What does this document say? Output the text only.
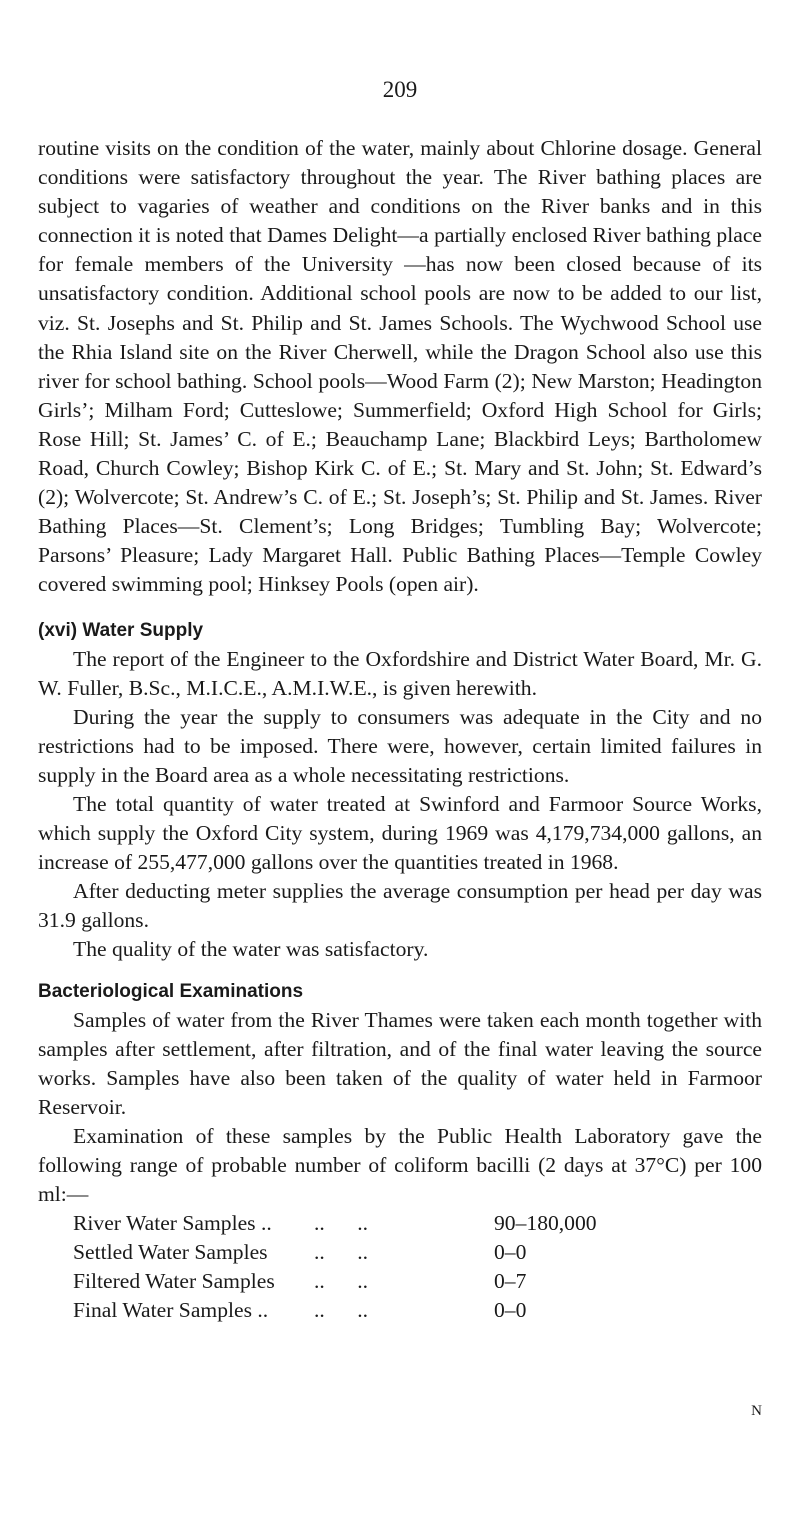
209

routine visits on the condition of the water, mainly about Chlorine dosage. General conditions were satisfactory throughout the year. The River bathing places are subject to vagaries of weather and conditions on the River banks and in this connection it is noted that Dames Delight—a partially enclosed River bathing place for female members of the University —has now been closed because of its unsatisfactory condition. Additional school pools are now to be added to our list, viz. St. Josephs and St. Philip and St. James Schools. The Wychwood School use the Rhia Island site on the River Cherwell, while the Dragon School also use this river for school bathing. School pools—Wood Farm (2); New Marston; Headington Girls’; Milham Ford; Cutteslowe; Summerfield; Oxford High School for Girls; Rose Hill; St. James’ C. of E.; Beauchamp Lane; Blackbird Leys; Bartholomew Road, Church Cowley; Bishop Kirk C. of E.; St. Mary and St. John; St. Edward’s (2); Wolvercote; St. Andrew’s C. of E.; St. Joseph’s; St. Philip and St. James. River Bathing Places—St. Clement’s; Long Bridges; Tumbling Bay; Wolvercote; Parsons’ Pleasure; Lady Margaret Hall. Public Bathing Places—Temple Cowley covered swimming pool; Hinksey Pools (open air).

(xvi) Water Supply

The report of the Engineer to the Oxfordshire and District Water Board, Mr. G. W. Fuller, B.Sc., M.I.C.E., A.M.I.W.E., is given herewith.

During the year the supply to consumers was adequate in the City and no restrictions had to be imposed. There were, however, certain limited failures in supply in the Board area as a whole necessitating restrictions.

The total quantity of water treated at Swinford and Farmoor Source Works, which supply the Oxford City system, during 1969 was 4,179,734,000 gallons, an increase of 255,477,000 gallons over the quantities treated in 1968.

After deducting meter supplies the average consumption per head per day was 31.9 gallons.

The quality of the water was satisfactory.

Bacteriological Examinations

Samples of water from the River Thames were taken each month together with samples after settlement, after filtration, and of the final water leaving the source works. Samples have also been taken of the quality of water held in Farmoor Reservoir.

Examination of these samples by the Public Health Laboratory gave the following range of probable number of coliform bacilli (2 days at 37°C) per 100 ml:—

River Water Samples .. ..      ..	90–180,000
Settled Water Samples ..      ..	0–0
Filtered Water Samples ..      ..	0–7
Final Water Samples .. ..      ..	0–0
N
